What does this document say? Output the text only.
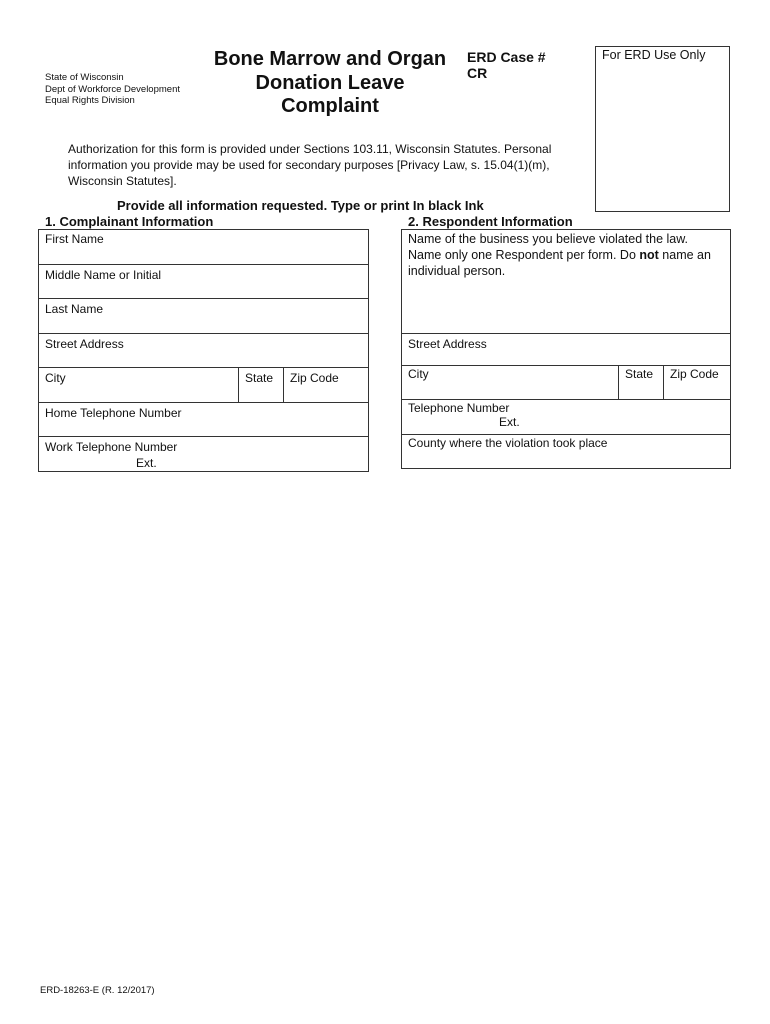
State of Wisconsin
Dept of Workforce Development
Equal Rights Division
Bone Marrow and Organ
Donation Leave
Complaint
ERD Case #
CR
For ERD Use Only
Authorization for this form is provided under Sections 103.11, Wisconsin Statutes. Personal information you provide may be used for secondary purposes [Privacy Law, s. 15.04(1)(m), Wisconsin Statutes].
Provide all information requested. Type or print In black Ink
1. Complainant Information	2. Respondent Information
First Name
Middle Name or Initial
Last Name
Street Address
City	State	Zip Code
Home Telephone Number
Work Telephone Number
Ext.
Name of the business you believe violated the law. Name only one Respondent per form. Do not name an individual person.
Street Address
City	State	Zip Code
Telephone Number
Ext.
County where the violation took place
ERD-18263-E (R. 12/2017)
